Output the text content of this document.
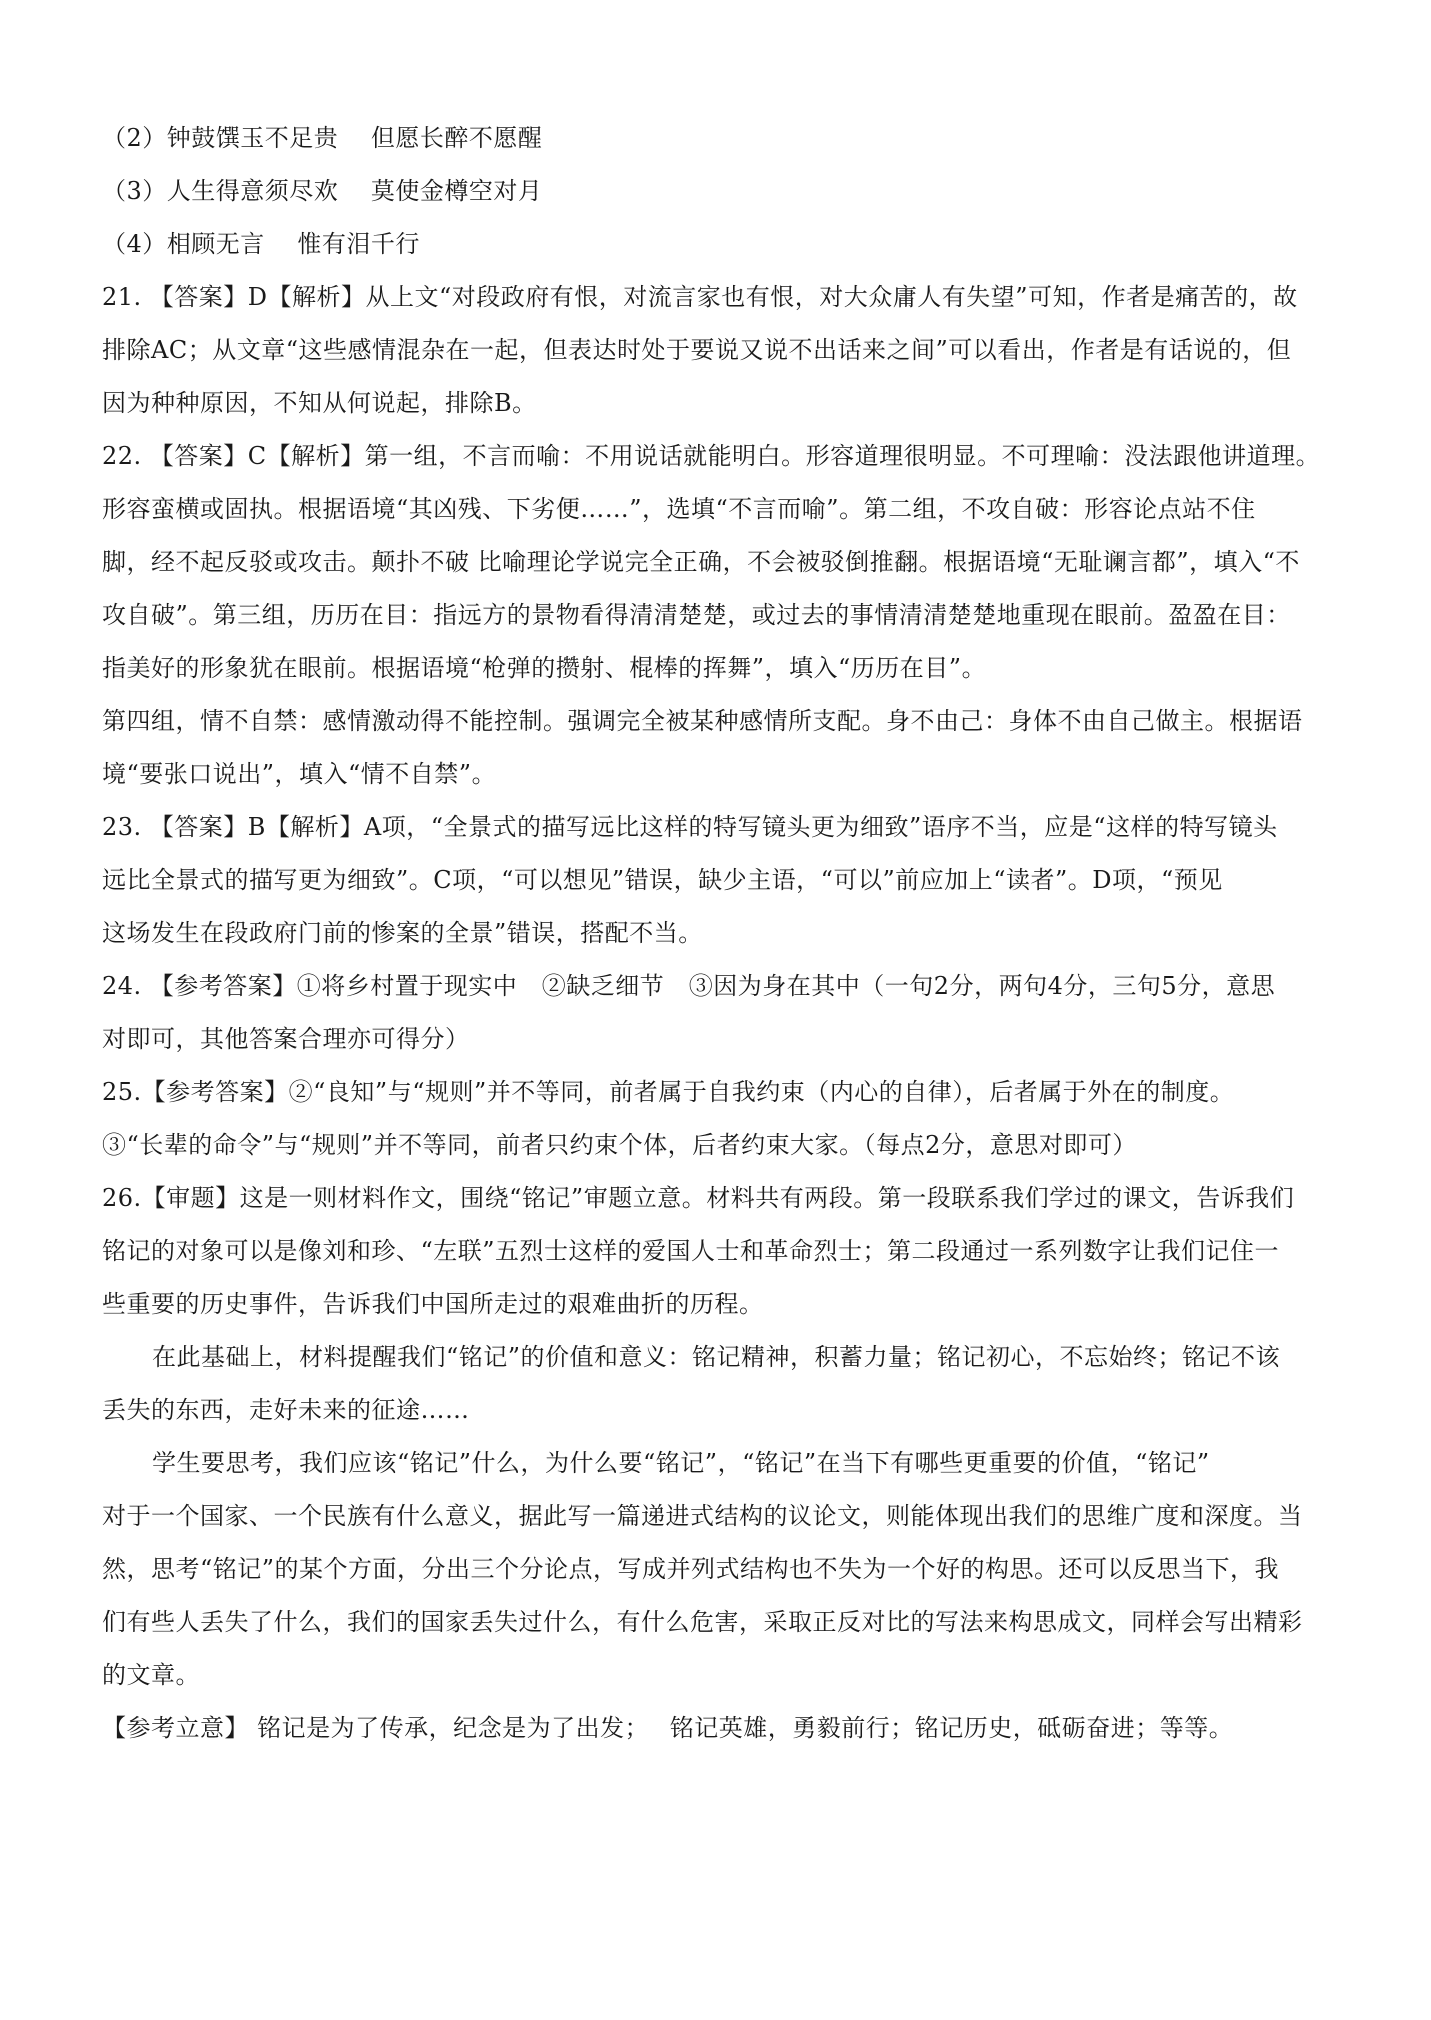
（2）钟鼓馔玉不足贵　 但愿长醉不愿醒
（3）人生得意须尽欢　 莫使金樽空对月
（4）相顾无言　 惟有泪千行
21. 【答案】D【解析】从上文“对段政府有恨，对流言家也有恨，对大众庸人有失望”可知，作者是痛苦的，故
排除AC；从文章“这些感情混杂在一起，但表达时处于要说又说不出话来之间”可以看出，作者是有话说的，但
因为种种原因，不知从何说起，排除B。
22. 【答案】C【解析】第一组，不言而喻：不用说话就能明白。形容道理很明显。不可理喻：没法跟他讲道理。
形容蛮横或固执。根据语境“其凶残、下劣便……”，选填“不言而喻”。第二组，不攻自破：形容论点站不住
脚，经不起反驳或攻击。颠扑不破 比喻理论学说完全正确，不会被驳倒推翻。根据语境“无耻谰言都”，填入“不
攻自破”。第三组，历历在目：指远方的景物看得清清楚楚，或过去的事情清清楚楚地重现在眼前。盈盈在目：
指美好的形象犹在眼前。根据语境“枪弹的攒射、棍棒的挥舞”，填入“历历在目”。
第四组，情不自禁：感情激动得不能控制。强调完全被某种感情所支配。身不由己：身体不由自己做主。根据语
境“要张口说出”，填入“情不自禁”。
23. 【答案】B【解析】A项，“全景式的描写远比这样的特写镜头更为细致”语序不当，应是“这样的特写镜头
远比全景式的描写更为细致”。C项，“可以想见”错误，缺少主语，“可以”前应加上“读者”。D项，“预见
这场发生在段政府门前的惨案的全景”错误，搭配不当。
24. 【参考答案】①将乡村置于现实中　②缺乏细节　③因为身在其中（一句2分，两句4分，三句5分，意思
对即可，其他答案合理亦可得分）
25.【参考答案】②“良知”与“规则”并不等同，前者属于自我约束（内心的自律），后者属于外在的制度。
③“长辈的命令”与“规则”并不等同，前者只约束个体，后者约束大家。（每点2分，意思对即可）
26.【审题】这是一则材料作文，围绕“铭记”审题立意。材料共有两段。第一段联系我们学过的课文，告诉我们
铭记的对象可以是像刘和珍、“左联”五烈士这样的爱国人士和革命烈士；第二段通过一系列数字让我们记住一
些重要的历史事件，告诉我们中国所走过的艰难曲折的历程。
在此基础上，材料提醒我们“铭记”的价值和意义：铭记精神，积蓄力量；铭记初心，不忘始终；铭记不该
丢失的东西，走好未来的征途……
学生要思考，我们应该“铭记”什么，为什么要“铭记”，“铭记”在当下有哪些更重要的价值，“铭记”
对于一个国家、一个民族有什么意义，据此写一篇递进式结构的议论文，则能体现出我们的思维广度和深度。当
然，思考“铭记”的某个方面，分出三个分论点，写成并列式结构也不失为一个好的构思。还可以反思当下，我
们有些人丢失了什么，我们的国家丢失过什么，有什么危害，采取正反对比的写法来构思成文，同样会写出精彩
的文章。
【参考立意】 铭记是为了传承，纪念是为了出发；　 铭记英雄，勇毅前行；铭记历史，砥砺奋进；等等。
